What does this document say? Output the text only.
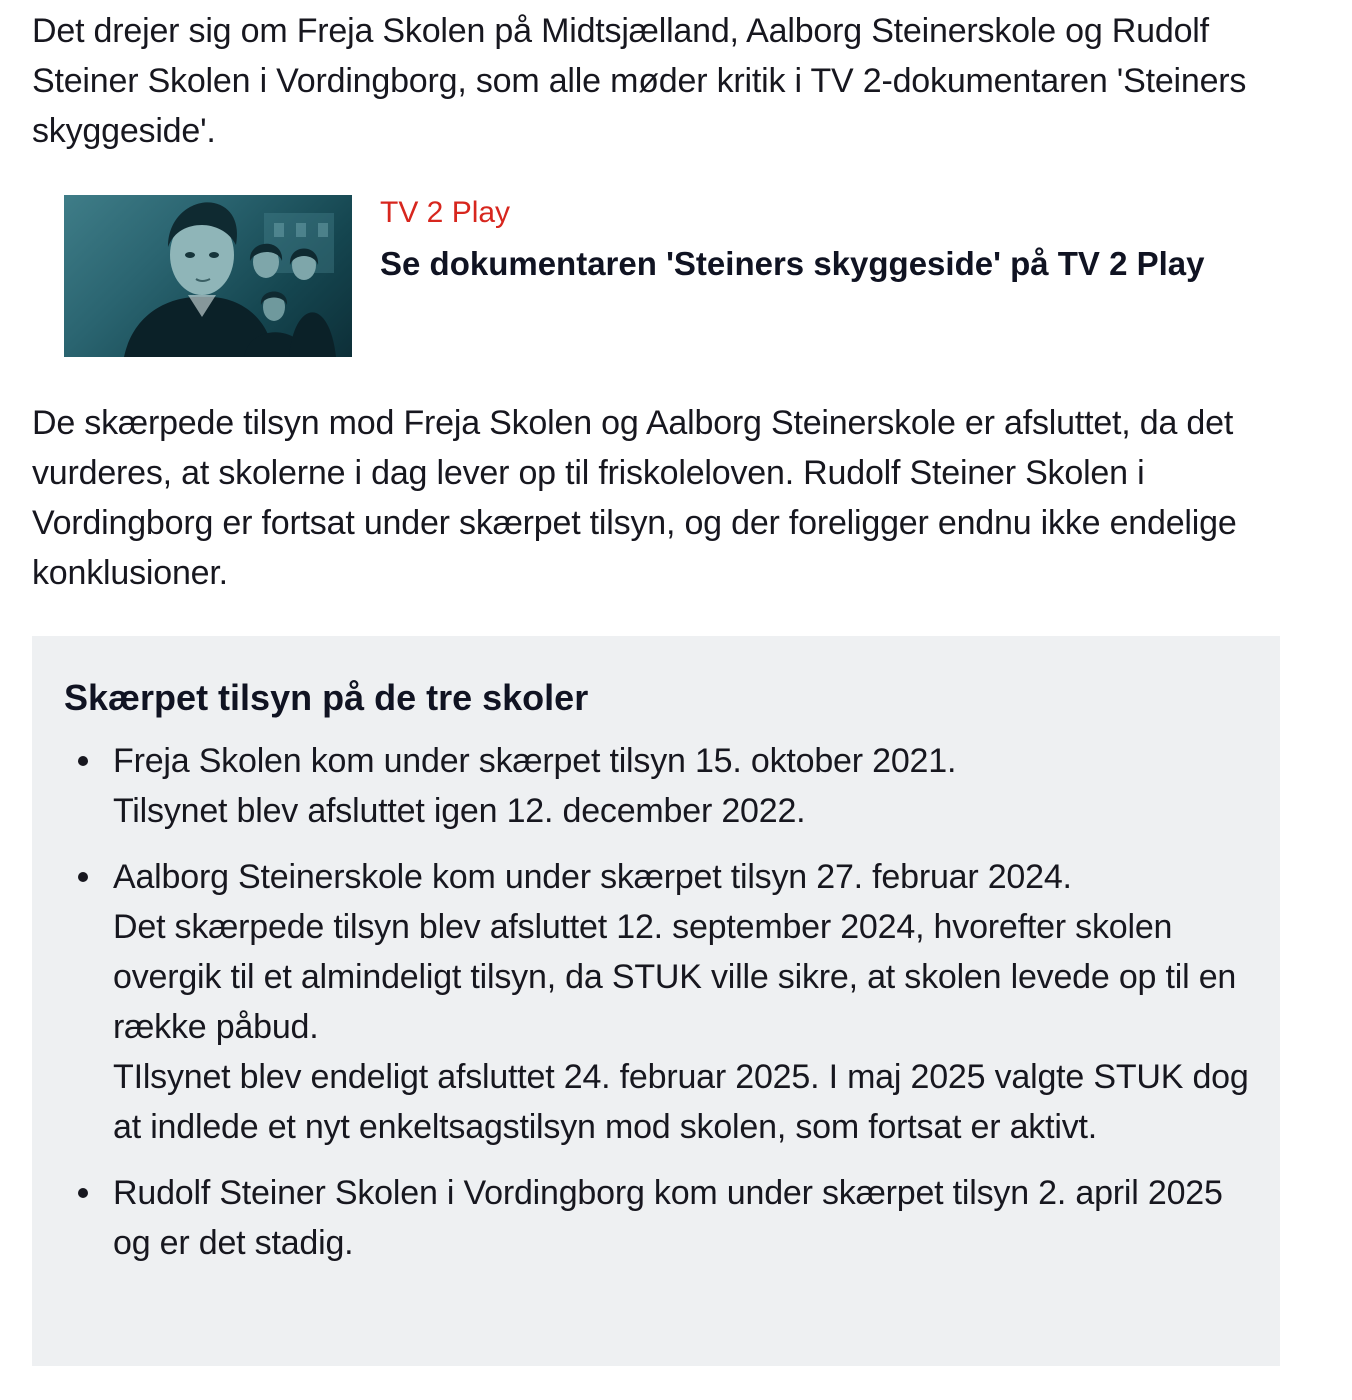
Det drejer sig om Freja Skolen på Midtsjælland, Aalborg Steinerskole og Rudolf Steiner Skolen i Vordingborg, som alle møder kritik i TV 2-dokumentaren 'Steiners skyggeside'.

TV 2 Play
Se dokumentaren 'Steiners skyggeside' på TV 2 Play

De skærpede tilsyn mod Freja Skolen og Aalborg Steinerskole er afsluttet, da det vurderes, at skolerne i dag lever op til friskoleloven. Rudolf Steiner Skolen i Vordingborg er fortsat under skærpet tilsyn, og der foreligger endnu ikke endelige konklusioner.

Skærpet tilsyn på de tre skoler
Freja Skolen kom under skærpet tilsyn 15. oktober 2021.
Tilsynet blev afsluttet igen 12. december 2022.
Aalborg Steinerskole kom under skærpet tilsyn 27. februar 2024.
Det skærpede tilsyn blev afsluttet 12. september 2024, hvorefter skolen overgik til et almindeligt tilsyn, da STUK ville sikre, at skolen levede op til en række påbud.
TIlsynet blev endeligt afsluttet 24. februar 2025. I maj 2025 valgte STUK dog at indlede et nyt enkeltsagstilsyn mod skolen, som fortsat er aktivt.
Rudolf Steiner Skolen i Vordingborg kom under skærpet tilsyn 2. april 2025 og er det stadig.
